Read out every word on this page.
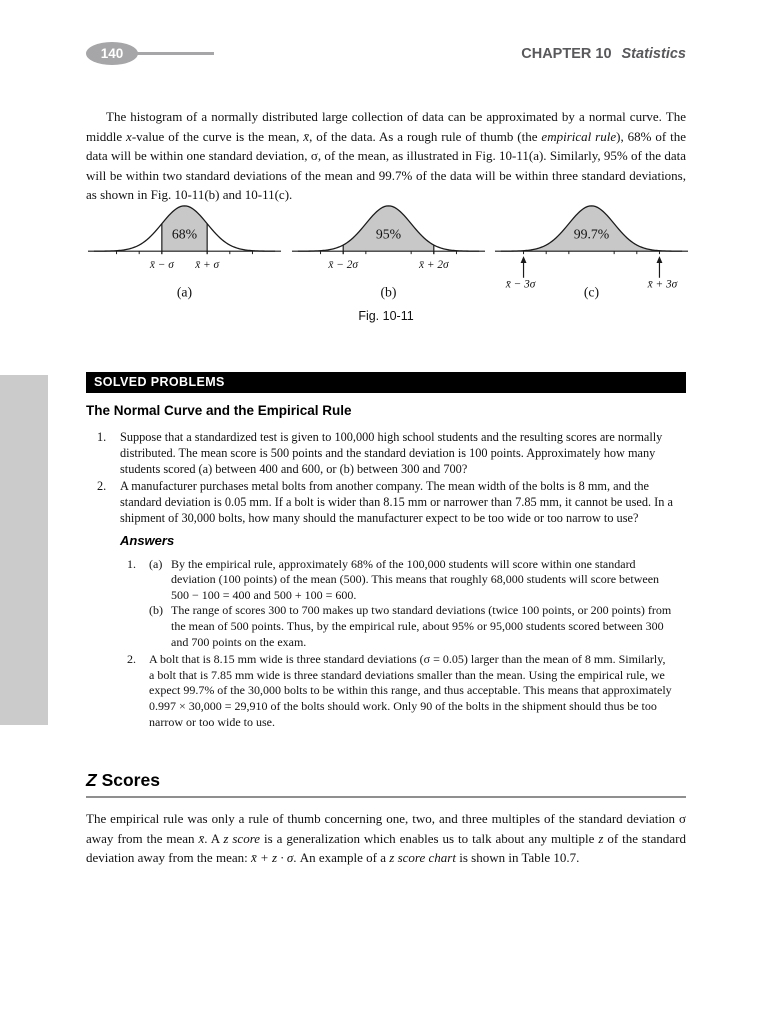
140	CHAPTER 10 Statistics

The histogram of a normally distributed large collection of data can be approximated by a normal curve. The middle x-value of the curve is the mean, x̄, of the data. As a rough rule of thumb (the empirical rule), 68% of the data will be within one standard deviation, σ, of the mean, as illustrated in Fig. 10-11(a). Similarly, 95% of the data will be within two standard deviations of the mean and 99.7% of the data will be within three standard deviations, as shown in Fig. 10-11(b) and 10-11(c).

68%
x̄ − σ x̄ + σ
(a)
95%
x̄ − 2σ	x̄ + 2σ
(b)
99.7%
x̄ − 3σ	x̄ + 3σ
(c)
Fig. 10-11
SOLVED PROBLEMS
The Normal Curve and the Empirical Rule
1.	Suppose that a standardized test is given to 100,000 high school students and the resulting scores are normally distributed. The mean score is 500 points and the standard deviation is 100 points. Approximately how many students scored (a) between 400 and 600, or (b) between 300 and 700?
2.	A manufacturer purchases metal bolts from another company. The mean width of the bolts is 8 mm, and the standard deviation is 0.05 mm. If a bolt is wider than 8.15 mm or narrower than 7.85 mm, it cannot be used. In a shipment of 30,000 bolts, how many should the manufacturer expect to be too wide or too narrow to use?
Answers
1.	(a) By the empirical rule, approximately 68% of the 100,000 students will score within one standard deviation (100 points) of the mean (500). This means that roughly 68,000 students will score between 500 − 100 = 400 and 500 + 100 = 600.
(b) The range of scores 300 to 700 makes up two standard deviations (twice 100 points, or 200 points) from the mean of 500 points. Thus, by the empirical rule, about 95% or 95,000 students scored between 300 and 700 points on the exam.
2.	A bolt that is 8.15 mm wide is three standard deviations (σ = 0.05) larger than the mean of 8 mm. Similarly, a bolt that is 7.85 mm wide is three standard deviations smaller than the mean. Using the empirical rule, we expect 99.7% of the 30,000 bolts to be within this range, and thus acceptable. This means that approximately 0.997 × 30,000 = 29,910 of the bolts should work. Only 90 of the bolts in the shipment should thus be too narrow or too wide to use.
Z Scores

The empirical rule was only a rule of thumb concerning one, two, and three multiples of the standard deviation σ away from the mean x̄. A z score is a generalization which enables us to talk about any multiple z of the standard deviation away from the mean: x̄ + z · σ. An example of a z score chart is shown in Table 10.7.
